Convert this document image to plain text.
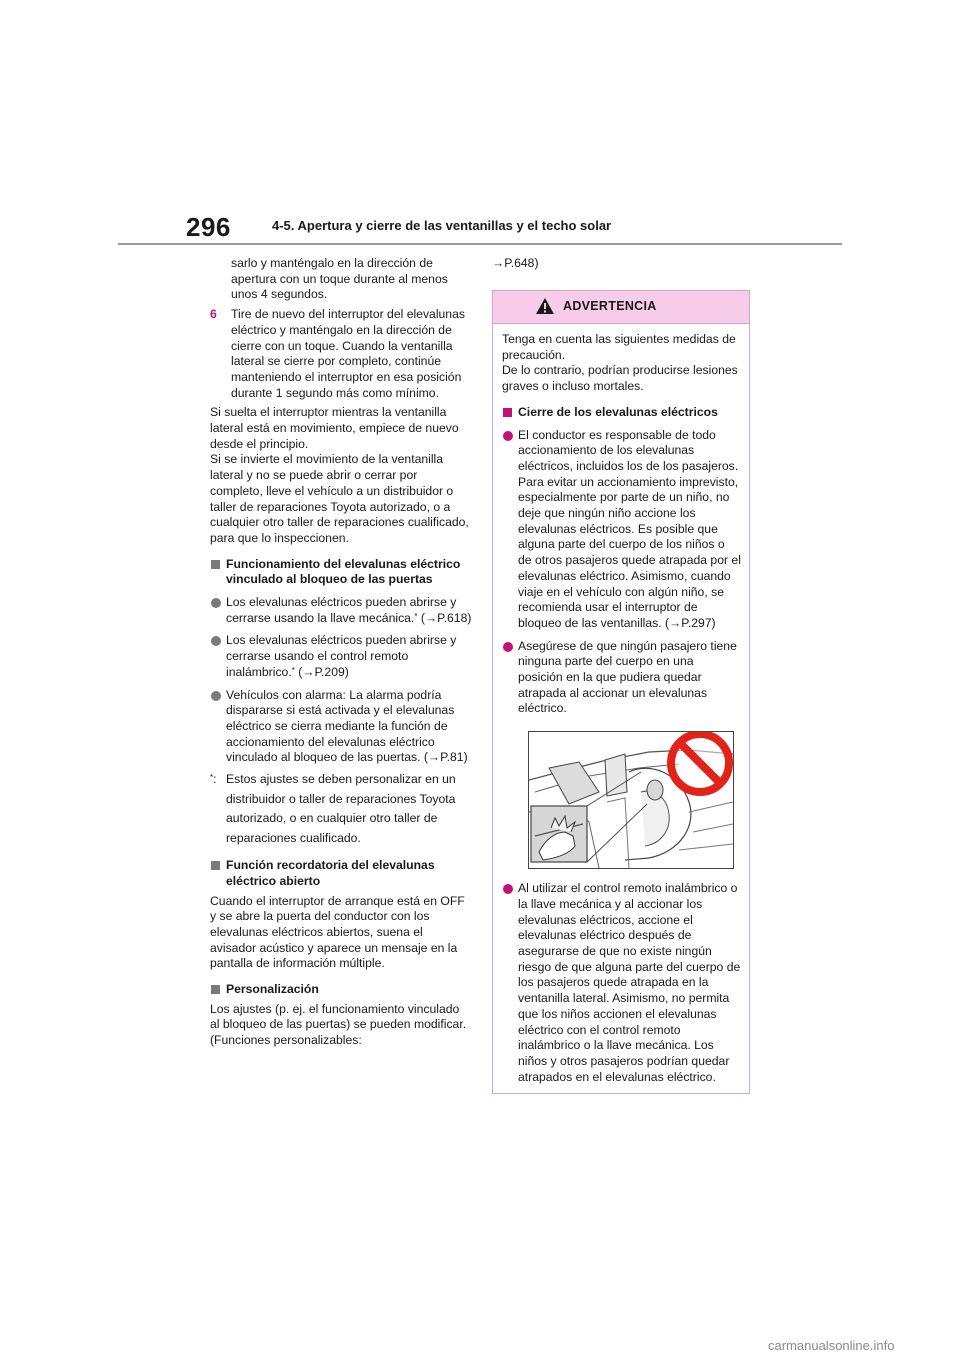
296	4-5. Apertura y cierre de las ventanillas y el techo solar

sarlo y manténgalo en la dirección de apertura con un toque durante al menos unos 4 segundos.

6 Tire de nuevo del interruptor del elevalunas eléctrico y manténgalo en la dirección de cierre con un toque. Cuando la ventanilla lateral se cierre por completo, continúe manteniendo el interruptor en esa posición durante 1 segundo más como mínimo.

Si suelta el interruptor mientras la ventanilla lateral está en movimiento, empiece de nuevo desde el principio.

Si se invierte el movimiento de la ventanilla lateral y no se puede abrir o cerrar por completo, lleve el vehículo a un distribuidor o taller de reparaciones Toyota autorizado, o a cualquier otro taller de reparaciones cualificado, para que lo inspeccionen.

Funcionamiento del elevalunas eléctrico vinculado al bloqueo de las puertas
Los elevalunas eléctricos pueden abrirse y cerrarse usando la llave mecánica.* (→P.618)
Los elevalunas eléctricos pueden abrirse y cerrarse usando el control remoto inalámbrico.* (→P.209)
Vehículos con alarma: La alarma podría dispararse si está activada y el elevalunas eléctrico se cierra mediante la función de accionamiento del elevalunas eléctrico vinculado al bloqueo de las puertas. (→P.81)
*: Estos ajustes se deben personalizar en un distribuidor o taller de reparaciones Toyota autorizado, o en cualquier otro taller de reparaciones cualificado.
Función recordatoria del elevalunas eléctrico abierto

Cuando el interruptor de arranque está en OFF y se abre la puerta del conductor con los elevalunas eléctricos abiertos, suena el avisador acústico y aparece un mensaje en la pantalla de información múltiple.

Personalización

Los ajustes (p. ej. el funcionamiento vinculado al bloqueo de las puertas) se pueden modificar. (Funciones personalizables:

→P.648)

ADVERTENCIA

Tenga en cuenta las siguientes medidas de precaución.

De lo contrario, podrían producirse lesiones graves o incluso mortales.

Cierre de los elevalunas eléctricos
El conductor es responsable de todo accionamiento de los elevalunas eléctricos, incluidos los de los pasajeros. Para evitar un accionamiento imprevisto, especialmente por parte de un niño, no deje que ningún niño accione los elevalunas eléctricos. Es posible que alguna parte del cuerpo de los niños o de otros pasajeros quede atrapada por el elevalunas eléctrico. Asimismo, cuando viaje en el vehículo con algún niño, se recomienda usar el interruptor de bloqueo de las ventanillas. (→P.297)
Asegúrese de que ningún pasajero tiene ninguna parte del cuerpo en una posición en la que pudiera quedar atrapada al accionar un elevalunas eléctrico.
Al utilizar el control remoto inalámbrico o la llave mecánica y al accionar los elevalunas eléctricos, accione el elevalunas eléctrico después de asegurarse de que no existe ningún riesgo de que alguna parte del cuerpo de los pasajeros quede atrapada en la ventanilla lateral. Asimismo, no permita que los niños accionen el elevalunas eléctrico con el control remoto inalámbrico o la llave mecánica. Los niños y otros pasajeros podrían quedar atrapados en el elevalunas eléctrico.
carmanualsonline.info
